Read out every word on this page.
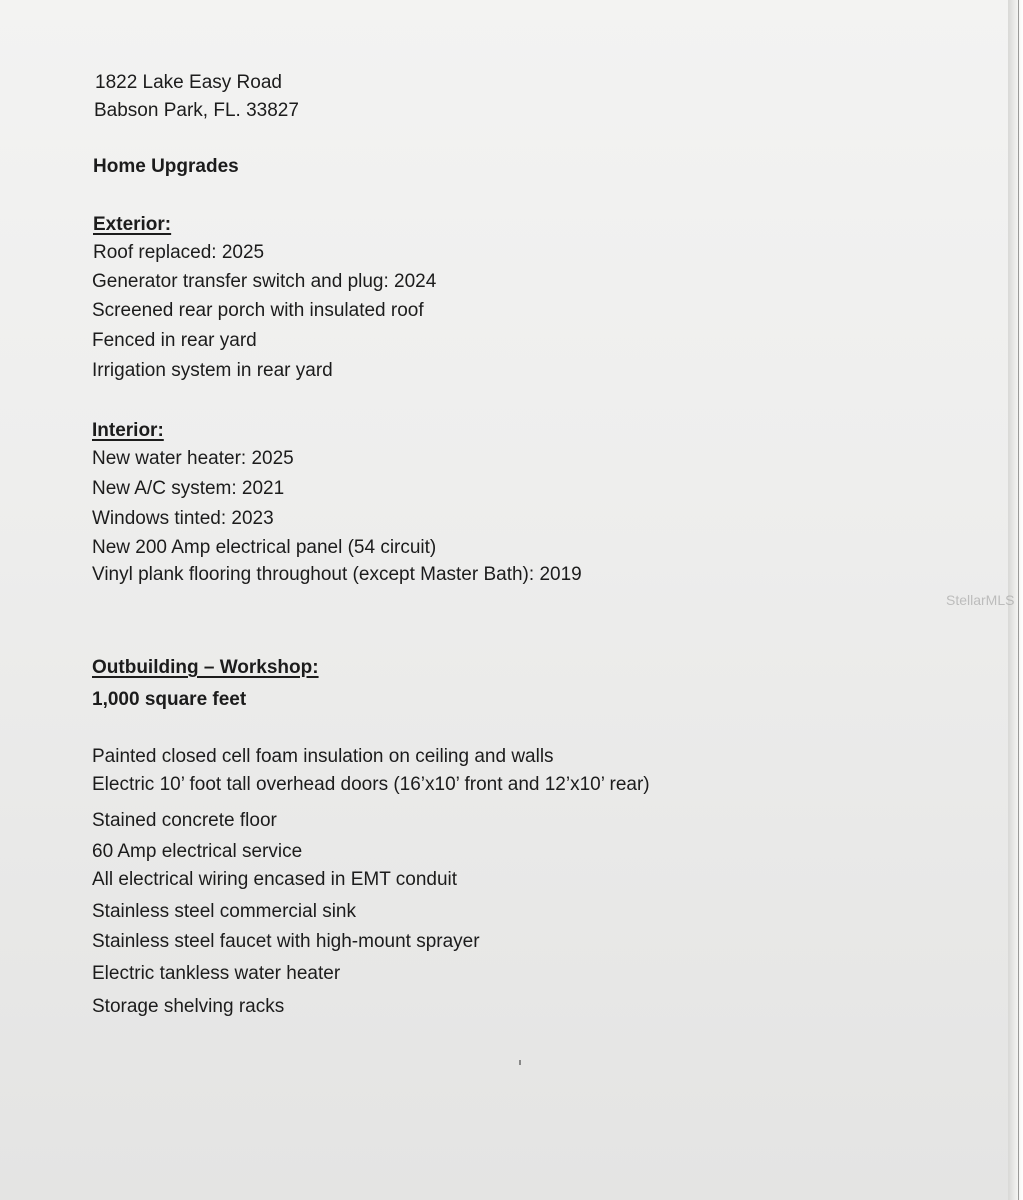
1822 Lake Easy Road
Babson Park, FL. 33827
Home Upgrades
Exterior:
Roof replaced: 2025
Generator transfer switch and plug: 2024
Screened rear porch with insulated roof
Fenced in rear yard
Irrigation system in rear yard
Interior:
New water heater: 2025
New A/C system: 2021
Windows tinted: 2023
New 200 Amp electrical panel (54 circuit)
Vinyl plank flooring throughout (except Master Bath): 2019
StellarMLS
Outbuilding – Workshop:
1,000 square feet
Painted closed cell foam insulation on ceiling and walls
Electric 10’ foot tall overhead doors (16’x10’ front and 12’x10’ rear)
Stained concrete floor
60 Amp electrical service
All electrical wiring encased in EMT conduit
Stainless steel commercial sink
Stainless steel faucet with high-mount sprayer
Electric tankless water heater
Storage shelving racks
